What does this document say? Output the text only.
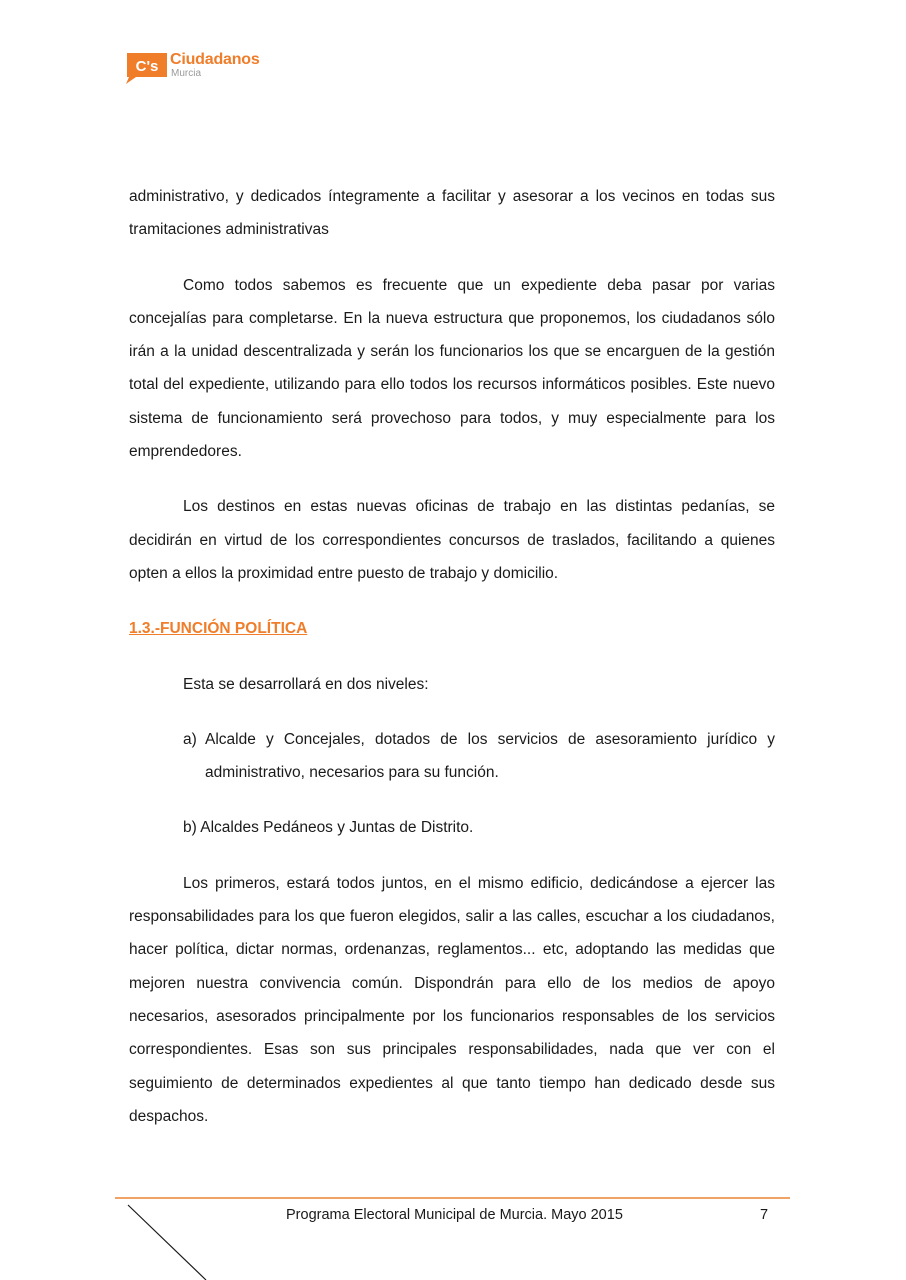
C's Ciudadanos
Murcia

administrativo, y dedicados íntegramente a facilitar y asesorar a los vecinos en todas sus tramitaciones administrativas

Como todos sabemos es frecuente que un expediente deba pasar por varias concejalías para completarse. En la nueva estructura que proponemos, los ciudadanos sólo irán a la unidad descentralizada y serán los funcionarios los que se encarguen de la gestión total del expediente, utilizando para ello todos los recursos informáticos posibles. Este nuevo sistema de funcionamiento será provechoso para todos, y muy especialmente para los emprendedores.

Los destinos en estas nuevas oficinas de trabajo en las distintas pedanías, se decidirán en virtud de los correspondientes concursos de traslados, facilitando a quienes opten a ellos la proximidad entre puesto de trabajo y domicilio.

1.3.-FUNCIÓN POLÍTICA

Esta se desarrollará en dos niveles:

a) Alcalde y Concejales, dotados de los servicios de asesoramiento jurídico y administrativo, necesarios para su función.

b) Alcaldes Pedáneos y Juntas de Distrito.

Los primeros, estará todos juntos, en el mismo edificio, dedicándose a ejercer las responsabilidades para los que fueron elegidos, salir a las calles, escuchar a los ciudadanos, hacer política, dictar normas, ordenanzas, reglamentos... etc, adoptando las medidas que mejoren nuestra convivencia común. Dispondrán para ello de los medios de apoyo necesarios, asesorados principalmente por los funcionarios responsables de los servicios correspondientes. Esas son sus principales responsabilidades, nada que ver con el seguimiento de determinados expedientes al que tanto tiempo han dedicado desde sus despachos.

Programa Electoral Municipal de Murcia. Mayo 2015	7
